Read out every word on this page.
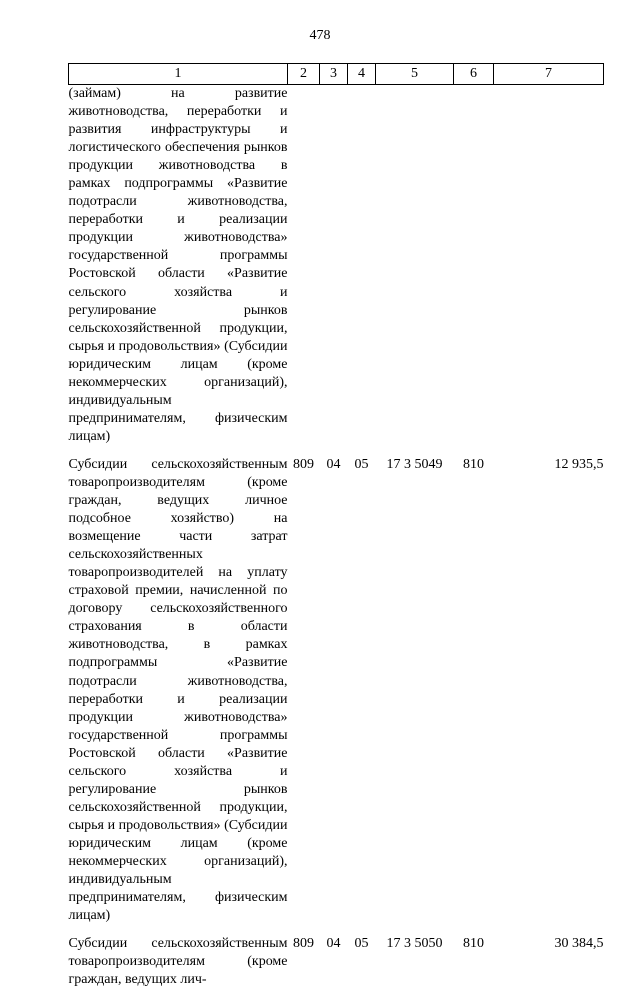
478
1	2	3	4	5	6	7
(займам) на развитие животноводства, переработки и развития инфраструктуры и логистического обеспечения рынков продукции животноводства в рамках подпрограммы «Развитие подотрасли животноводства, переработки и реализации продукции животноводства» государственной программы Ростовской области «Развитие сельского хозяйства и регулирование рынков сельскохозяйственной продукции, сырья и продовольствия» (Субсидии юридическим лицам (кроме некоммерческих организаций), индивидуальным предпринимателям, физическим лицам)						

Субсидии сельскохозяйственным товаропроизводителям (кроме граждан, ведущих личное подсобное хозяйство) на возмещение части затрат сельскохозяйственных товаропроизводителей на уплату страховой премии, начисленной по договору сельскохозяйственного страхования в области животноводства, в рамках подпрограммы «Развитие подотрасли животноводства, переработки и реализации продукции животноводства» государственной программы Ростовской области «Развитие сельского хозяйства и регулирование рынков сельскохозяйственной продукции, сырья и продовольствия» (Субсидии юридическим лицам (кроме некоммерческих организаций), индивидуальным предпринимателям, физическим лицам)	809	04	05	17 3 5049	810	12 935,5

Субсидии сельскохозяйственным товаропроизводителям (кроме граждан, ведущих лич-	809	04	05	17 3 5050	810	30 384,5
